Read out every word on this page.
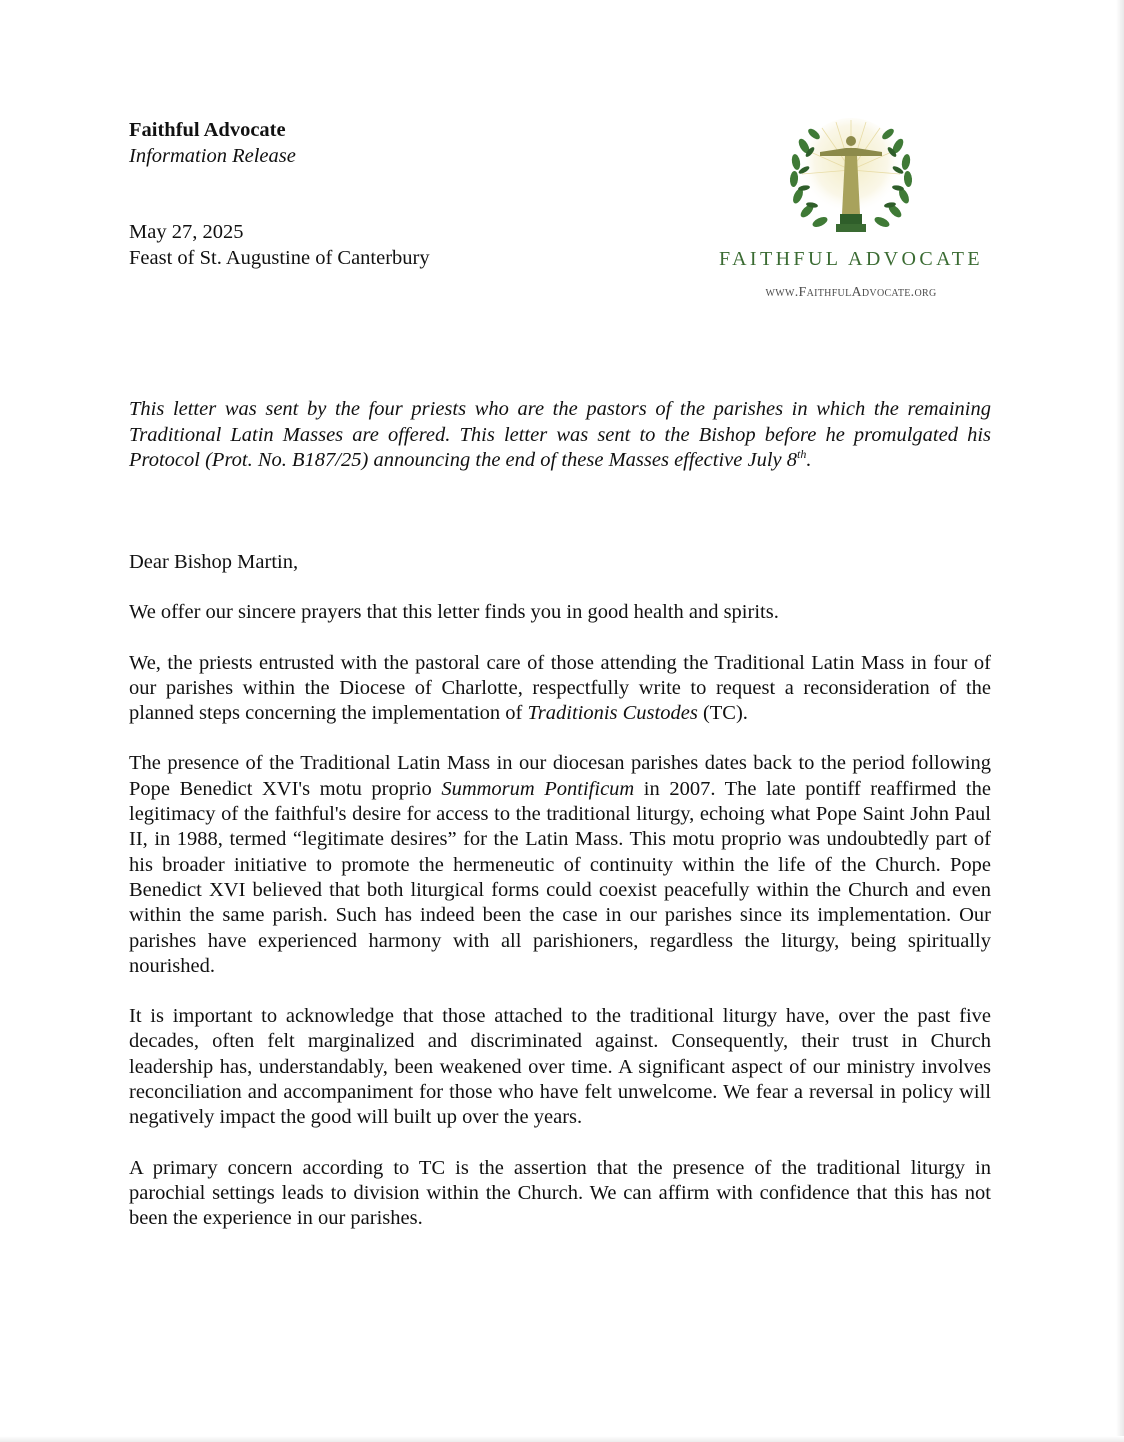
Faithful Advocate
Information Release
May 27, 2025
Feast of St. Augustine of Canterbury	FAITHFUL ADVOCATE
www.FaithfulAdvocate.org
This letter was sent by the four priests who are the pastors of the parishes in which the remaining Traditional Latin Masses are offered. This letter was sent to the Bishop before he promulgated his Protocol (Prot. No. B187/25) announcing the end of these Masses effective July 8th.

Dear Bishop Martin,

We offer our sincere prayers that this letter finds you in good health and spirits.

We, the priests entrusted with the pastoral care of those attending the Traditional Latin Mass in four of our parishes within the Diocese of Charlotte, respectfully write to request a reconsideration of the planned steps concerning the implementation of Traditionis Custodes (TC).

The presence of the Traditional Latin Mass in our diocesan parishes dates back to the period following Pope Benedict XVI's motu proprio Summorum Pontificum in 2007. The late pontiff reaffirmed the legitimacy of the faithful's desire for access to the traditional liturgy, echoing what Pope Saint John Paul II, in 1988, termed “legitimate desires” for the Latin Mass. This motu proprio was undoubtedly part of his broader initiative to promote the hermeneutic of continuity within the life of the Church. Pope Benedict XVI believed that both liturgical forms could coexist peacefully within the Church and even within the same parish. Such has indeed been the case in our parishes since its implementation. Our parishes have experienced harmony with all parishioners, regardless the liturgy, being spiritually nourished.

It is important to acknowledge that those attached to the traditional liturgy have, over the past five decades, often felt marginalized and discriminated against. Consequently, their trust in Church leadership has, understandably, been weakened over time. A significant aspect of our ministry involves reconciliation and accompaniment for those who have felt unwelcome. We fear a reversal in policy will negatively impact the good will built up over the years.

A primary concern according to TC is the assertion that the presence of the traditional liturgy in parochial settings leads to division within the Church. We can affirm with confidence that this has not been the experience in our parishes.
